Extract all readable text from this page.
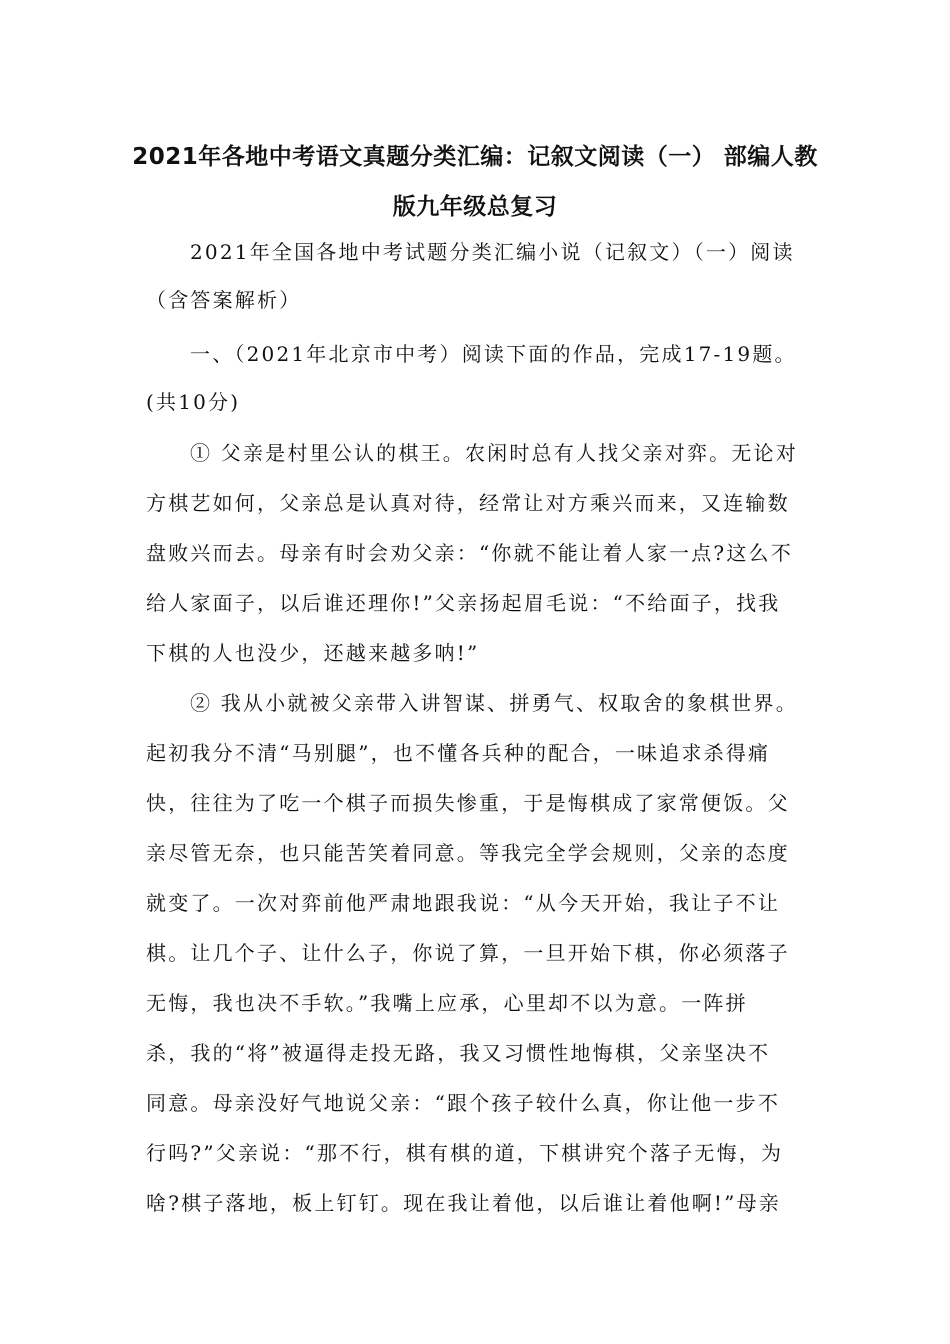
2021年各地中考语文真题分类汇编：记叙文阅读（一） 部编人教
版九年级总复习
2021年全国各地中考试题分类汇编小说（记叙文）（一）阅读
（含答案解析）
一、（2021年北京市中考）阅读下面的作品，完成17-19题。
(共10分)
① 父亲是村里公认的棋王。农闲时总有人找父亲对弈。无论对
方棋艺如何，父亲总是认真对待，经常让对方乘兴而来，又连输数
盘败兴而去。母亲有时会劝父亲：“你就不能让着人家一点?这么不
给人家面子，以后谁还理你!”父亲扬起眉毛说：“不给面子，找我
下棋的人也没少，还越来越多呐!”
② 我从小就被父亲带入讲智谋、拼勇气、权取舍的象棋世界。
起初我分不清“马别腿”，也不懂各兵种的配合，一味追求杀得痛
快，往往为了吃一个棋子而损失惨重，于是悔棋成了家常便饭。父
亲尽管无奈，也只能苦笑着同意。等我完全学会规则，父亲的态度
就变了。一次对弈前他严肃地跟我说：“从今天开始，我让子不让
棋。让几个子、让什么子，你说了算，一旦开始下棋，你必须落子
无悔，我也决不手软。”我嘴上应承，心里却不以为意。一阵拼
杀，我的“将”被逼得走投无路，我又习惯性地悔棋，父亲坚决不
同意。母亲没好气地说父亲：“跟个孩子较什么真，你让他一步不
行吗?”父亲说：“那不行，棋有棋的道，下棋讲究个落子无悔，为
啥?棋子落地，板上钉钉。现在我让着他，以后谁让着他啊!”母亲
